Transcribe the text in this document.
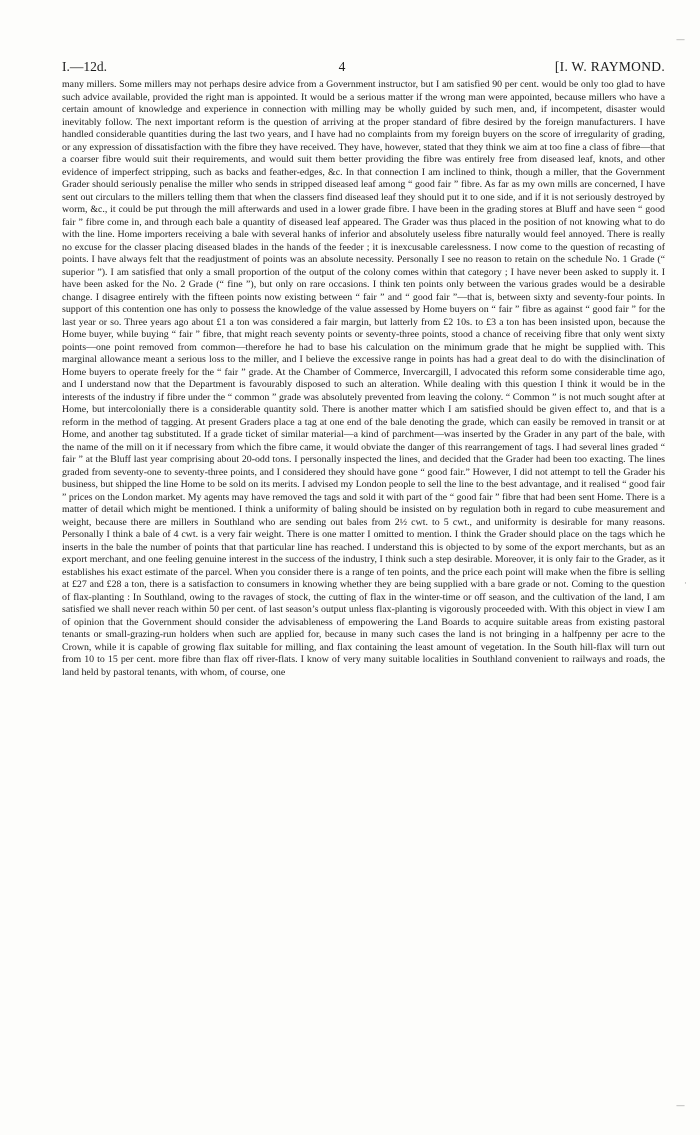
I.—12d.	4	[I. W. RAYMOND.

many millers. Some millers may not perhaps desire advice from a Government instructor, but I am satisfied 90 per cent. would be only too glad to have such advice available, provided the right man is appointed. It would be a serious matter if the wrong man were appointed, because millers who have a certain amount of knowledge and experience in connection with milling may be wholly guided by such men, and, if incompetent, disaster would inevitably follow. The next important reform is the question of arriving at the proper standard of fibre desired by the foreign manufacturers. I have handled considerable quantities during the last two years, and I have had no complaints from my foreign buyers on the score of irregularity of grading, or any expression of dissatisfaction with the fibre they have received. They have, however, stated that they think we aim at too fine a class of fibre—that a coarser fibre would suit their requirements, and would suit them better providing the fibre was entirely free from diseased leaf, knots, and other evidence of imperfect stripping, such as backs and feather-edges, &c. In that connection I am inclined to think, though a miller, that the Government Grader should seriously penalise the miller who sends in stripped diseased leaf among “ good fair ” fibre. As far as my own mills are concerned, I have sent out circulars to the millers telling them that when the classers find diseased leaf they should put it to one side, and if it is not seriously destroyed by worm, &c., it could be put through the mill afterwards and used in a lower grade fibre. I have been in the grading stores at Bluff and have seen “ good fair ” fibre come in, and through each bale a quantity of diseased leaf appeared. The Grader was thus placed in the position of not knowing what to do with the line. Home importers receiving a bale with several hanks of inferior and absolutely useless fibre naturally would feel annoyed. There is really no excuse for the classer placing diseased blades in the hands of the feeder ; it is inexcusable carelessness. I now come to the question of recasting of points. I have always felt that the readjustment of points was an absolute necessity. Personally I see no reason to retain on the schedule No. 1 Grade (“ superior ”). I am satisfied that only a small proportion of the output of the colony comes within that category ; I have never been asked to supply it. I have been asked for the No. 2 Grade (“ fine ”), but only on rare occasions. I think ten points only between the various grades would be a desirable change. I disagree entirely with the fifteen points now existing between “ fair ” and “ good fair ”—that is, between sixty and seventy-four points. In support of this contention one has only to possess the knowledge of the value assessed by Home buyers on “ fair ” fibre as against “ good fair ” for the last year or so. Three years ago about £1 a ton was considered a fair margin, but latterly from £2 10s. to £3 a ton has been insisted upon, because the Home buyer, while buying “ fair ” fibre, that might reach seventy points or seventy-three points, stood a chance of receiving fibre that only went sixty points—one point removed from common—therefore he had to base his calculation on the minimum grade that he might be supplied with. This marginal allowance meant a serious loss to the miller, and I believe the excessive range in points has had a great deal to do with the disinclination of Home buyers to operate freely for the “ fair ” grade. At the Chamber of Commerce, Invercargill, I advocated this reform some considerable time ago, and I understand now that the Department is favourably disposed to such an alteration. While dealing with this question I think it would be in the interests of the industry if fibre under the “ common ” grade was absolutely prevented from leaving the colony. “ Common ” is not much sought after at Home, but intercolonially there is a considerable quantity sold. There is another matter which I am satisfied should be given effect to, and that is a reform in the method of tagging. At present Graders place a tag at one end of the bale denoting the grade, which can easily be removed in transit or at Home, and another tag substituted. If a grade ticket of similar material—a kind of parchment—was inserted by the Grader in any part of the bale, with the name of the mill on it if necessary from which the fibre came, it would obviate the danger of this rearrangement of tags. I had several lines graded “ fair ” at the Bluff last year comprising about 20-odd tons. I personally inspected the lines, and decided that the Grader had been too exacting. The lines graded from seventy-one to seventy-three points, and I considered they should have gone “ good fair.” However, I did not attempt to tell the Grader his business, but shipped the line Home to be sold on its merits. I advised my London people to sell the line to the best advantage, and it realised “ good fair ” prices on the London market. My agents may have removed the tags and sold it with part of the “ good fair ” fibre that had been sent Home. There is a matter of detail which might be mentioned. I think a uniformity of baling should be insisted on by regulation both in regard to cube measurement and weight, because there are millers in Southland who are sending out bales from 2½ cwt. to 5 cwt., and uniformity is desirable for many reasons. Personally I think a bale of 4 cwt. is a very fair weight. There is one matter I omitted to mention. I think the Grader should place on the tags which he inserts in the bale the number of points that that particular line has reached. I understand this is objected to by some of the export merchants, but as an export merchant, and one feeling genuine interest in the success of the industry, I think such a step desirable. Moreover, it is only fair to the Grader, as it establishes his exact estimate of the parcel. When you consider there is a range of ten points, and the price each point will make when the fibre is selling at £27 and £28 a ton, there is a satisfaction to consumers in knowing whether they are being supplied with a bare grade or not. Coming to the question of flax-planting : In Southland, owing to the ravages of stock, the cutting of flax in the winter-time or off season, and the cultivation of the land, I am satisfied we shall never reach within 50 per cent. of last season’s output unless flax-planting is vigorously proceeded with. With this object in view I am of opinion that the Government should consider the advisableness of empowering the Land Boards to acquire suitable areas from existing pastoral tenants or small-grazing-run holders when such are applied for, because in many such cases the land is not bringing in a halfpenny per acre to the Crown, while it is capable of growing flax suitable for milling, and flax containing the least amount of vegetation. In the South hill-flax will turn out from 10 to 15 per cent. more fibre than flax off river-flats. I know of very many suitable localities in Southland convenient to railways and roads, the land held by pastoral tenants, with whom, of course, one

—
·
—
